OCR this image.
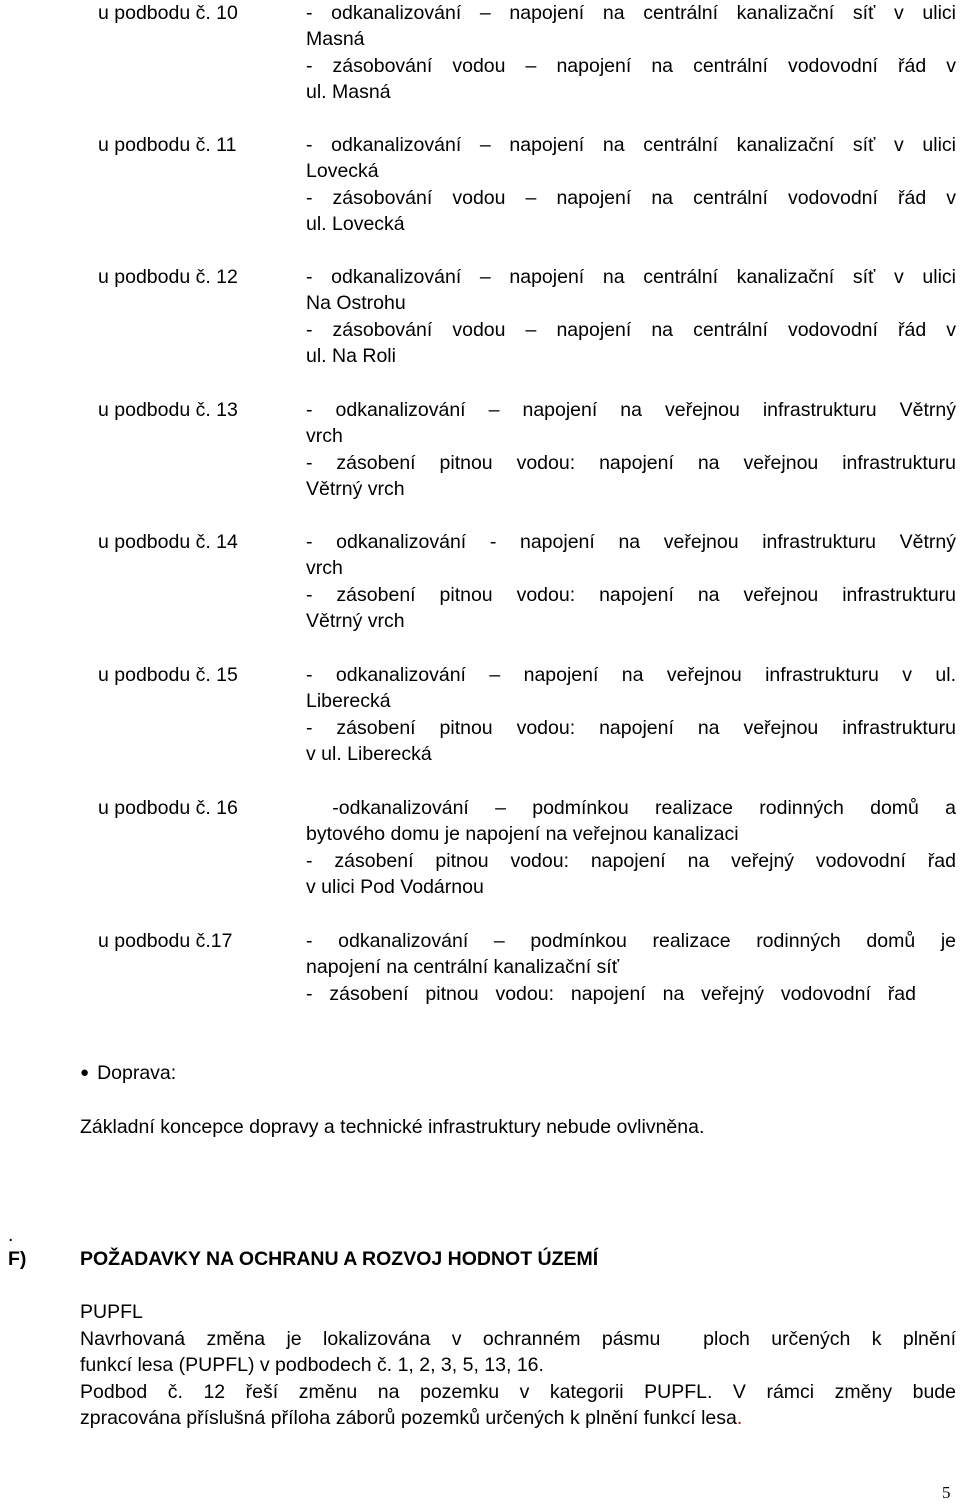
u podbodu č. 10	- odkanalizování – napojení na centrální kanalizační síť v ulici
Masná
- zásobování vodou – napojení na centrální vodovodní řád v
ul. Masná
u podbodu č. 11	- odkanalizování – napojení na centrální kanalizační síť v ulici
Lovecká
- zásobování vodou – napojení na centrální vodovodní řád v
ul. Lovecká
u podbodu č. 12	- odkanalizování – napojení na centrální kanalizační síť v ulici
Na Ostrohu
- zásobování vodou – napojení na centrální vodovodní řád v
ul. Na Roli
u podbodu č. 13	- odkanalizování – napojení na veřejnou infrastrukturu Větrný
vrch
- zásobení pitnou vodou: napojení na veřejnou infrastrukturu
Větrný vrch
u podbodu č. 14	- odkanalizování - napojení na veřejnou infrastrukturu Větrný
vrch
- zásobení pitnou vodou: napojení na veřejnou infrastrukturu
Větrný vrch
u podbodu č. 15	- odkanalizování – napojení na veřejnou infrastrukturu v ul.
Liberecká
- zásobení pitnou vodou: napojení na veřejnou infrastrukturu
v ul. Liberecká
u podbodu č. 16	-odkanalizování – podmínkou realizace rodinných domů a
bytového domu je napojení na veřejnou kanalizaci
- zásobení pitnou vodou: napojení na veřejný vodovodní řad
v ulici Pod Vodárnou
u podbodu č.17	- odkanalizování – podmínkou realizace rodinných domů je
napojení na centrální kanalizační síť
- zásobení pitnou vodou: napojení na veřejný vodovodní řad
● Doprava:
Základní koncepce dopravy a technické infrastruktury nebude ovlivněna.
.
F)	POŽADAVKY NA OCHRANU A ROZVOJ HODNOT ÚZEMÍ
PUPFL
Navrhovaná změna je lokalizována v ochranném pásmu  ploch určených k plnění
funkcí lesa (PUPFL) v podbodech č. 1, 2, 3, 5, 13, 16.
Podbod č. 12 řeší změnu na pozemku v kategorii PUPFL. V rámci změny bude
zpracována příslušná příloha záborů pozemků určených k plnění funkcí lesa.
5
